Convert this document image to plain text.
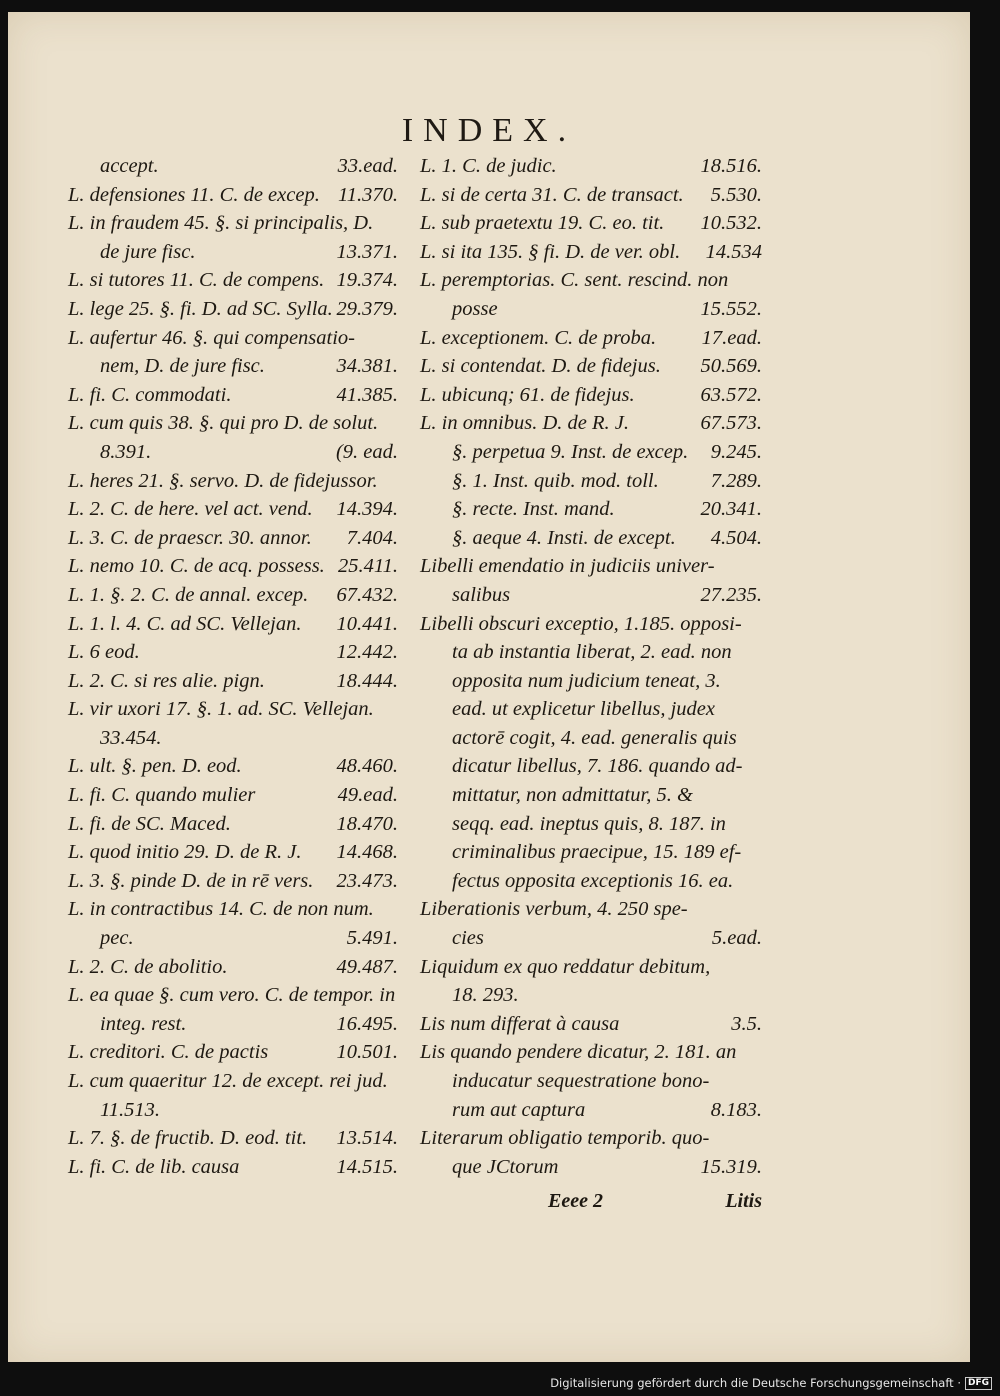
INDEX.
accept.	33.ead.
L. defensiones 11. C. de excep. 11.370.
L. in fraudem 45. §. si principalis, D.
de jure fisc.	13.371.
L. si tutores 11. C. de compens. 19.374.
L. lege 25. §. fi. D. ad SC. Sylla. 29.379.
L. aufertur 46. §. qui compensatio-
nem, D. de jure fisc.	34.381.
L. fi. C. commodati.	41.385.
L. cum quis 38. §. qui pro D. de solut.
8.391.	(9. ead.
L. heres 21. §. servo. D. de fidejussor.
L. 2. C. de here. vel act. vend. 14.394.
L. 3. C. de praescr. 30. annor. 7.404.
L. nemo 10. C. de acq. possess. 25.411.
L. 1. §. 2. C. de annal. excep. 67.432.
L. 1. l. 4. C. ad SC. Vellejan. 10.441.
L. 6 eod.	12.442.
L. 2. C. si res alie. pign.	18.444.
L. vir uxori 17. §. 1. ad. SC. Vellejan.
33.454.
L. ult. §. pen. D. eod.	48.460.
L. fi. C. quando mulier	49.ead.
L. fi. de SC. Maced.	18.470.
L. quod initio 29. D. de R. J. 14.468.
L. 3. §. pinde D. de in rē vers. 23.473.
L. in contractibus 14. C. de non num.
pec.	5.491.
L. 2. C. de abolitio.	49.487.
L. ea quae §. cum vero. C. de tempor. in
integ. rest.	16.495.
L. creditori. C. de pactis	10.501.
L. cum quaeritur 12. de except. rei jud.
11.513.
L. 7. §. de fructib. D. eod. tit. 13.514.
L. fi. C. de lib. causa	14.515.
L. 1. C. de judic.	18.516.
L. si de certa 31. C. de transact. 5.530.
L. sub praetextu 19. C. eo. tit. 10.532.
L. si ita 135. § fi. D. de ver. obl. 14.534
L. peremptorias. C. sent. rescind. non
posse	15.552.
L. exceptionem. C. de proba. 17.ead.
L. si contendat. D. de fidejus. 50.569.
L. ubicunq; 61. de fidejus.	63.572.
L. in omnibus. D. de R. J.	67.573.
§. perpetua 9. Inst. de excep. 9.245.
§. 1. Inst. quib. mod. toll.	7.289.
§. recte. Inst. mand.	20.341.
§. aeque 4. Insti. de except. 4.504.
Libelli emendatio in judiciis univer-
salibus	27.235.
Libelli obscuri exceptio, 1.185. opposi-
ta ab instantia liberat, 2. ead. non
opposita num judicium teneat, 3.
ead. ut explicetur libellus, judex
actorē cogit, 4. ead. generalis quis
dicatur libellus, 7. 186. quando ad-
mittatur, non admittatur, 5. &
seqq. ead. ineptus quis, 8. 187. in
criminalibus praecipue, 15. 189 ef-
fectus opposita exceptionis 16. ea.
Liberationis verbum, 4. 250 spe-
cies	5.ead.
Liquidum ex quo reddatur debitum,
18. 293.
Lis num differat à causa	3.5.
Lis quando pendere dicatur, 2. 181. an
inducatur sequestratione bono-
rum aut captura	8.183.
Literarum obligatio temporib. quo-
que JCtorum	15.319.
Eeee 2	Litis
Digitalisierung gefördert durch die Deutsche Forschungsgemeinschaft · DFG
